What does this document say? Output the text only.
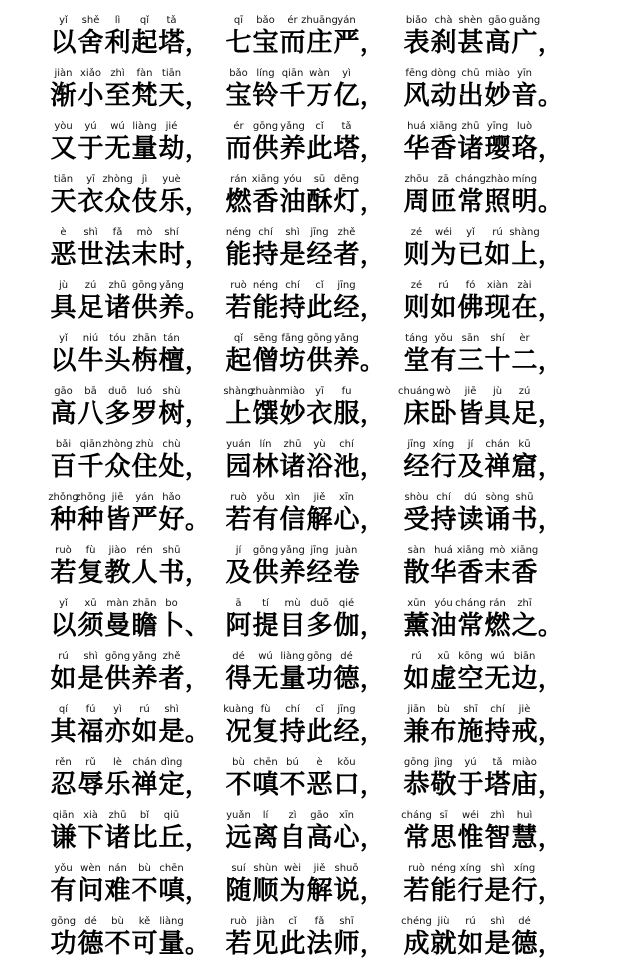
yǐ
以
shě
舍
lì
利
qǐ
起
tǎ
塔 ，
qī
七
bǎo
宝
ér
而
zhuāng
庄
yán
严 ，
biǎo
表
chà
刹
shèn
甚
gāo
高
guǎng
广 ，
jiàn
渐
xiǎo
小
zhì
至
fàn
梵
tiān
天 ，
bǎo
宝
líng
铃
qiān
千
wàn
万
yì
亿 ，
fēng
风
dòng
动
chū
出
miào
妙
yīn
音 。
yòu
又
yú
于
wú
无
liàng
量
jié
劫 ，
ér
而
gōng
供
yǎng
养
cǐ
此
tǎ
塔 ，
huá
华
xiāng
香
zhū
诸
yīng
璎
luò
珞 ，
tiān
天
yī
衣
zhòng
众
jì
伎
yuè
乐 ，
rán
燃
xiāng
香
yóu
油
sū
酥
dēng
灯 ，
zhōu
周
zā
匝
cháng
常
zhào
照
míng
明 。
è
恶
shì
世
fǎ
法
mò
末
shí
时 ，
néng
能
chí
持
shì
是
jīng
经
zhě
者 ，
zé
则
wéi
为
yǐ
已
rú
如
shàng
上 ，
jù
具
zú
足
zhū
诸
gōng
供
yǎng
养 。
ruò
若
néng
能
chí
持
cǐ
此
jīng
经 ，
zé
则
rú
如
fó
佛
xiàn
现
zài
在 ，
yǐ
以
niú
牛
tóu
头
zhān
栴
tán
檀 ，
qǐ
起
sēng
僧
fāng
坊
gōng
供
yǎng
养 。
táng
堂
yǒu
有
sān
三
shí
十
èr
二 ，
gāo
高
bā
八
duō
多
luó
罗
shù
树 ，
shàng
上
zhuàn
馔
miào
妙
yī
衣
fu
服 ，
chuáng
床
wò
卧
jiē
皆
jù
具
zú
足 ，
bǎi
百
qiān
千
zhòng
众
zhù
住
chù
处 ，
yuán
园
lín
林
zhū
诸
yù
浴
chí
池 ，
jīng
经
xíng
行
jí
及
chán
禅
kū
窟 ，
zhǒng
种
zhǒng
种
jiē
皆
yán
严
hǎo
好 。
ruò
若
yǒu
有
xìn
信
jiě
解
xīn
心 ，
shòu
受
chí
持
dú
读
sòng
诵
shū
书 ，
ruò
若
fù
复
jiào
教
rén
人
shū
书 ，
jí
及
gōng
供
yǎng
养
jīng
经
juàn
卷
sàn
散
huá
华
xiāng
香
mò
末
xiāng
香
yǐ
以
xū
须
màn
曼
zhān
瞻
bo
卜 、
ā
阿
tí
提
mù
目
duō
多
qié
伽 ，
xūn
薰
yóu
油
cháng
常
rán
燃
zhī
之 。
rú
如
shì
是
gōng
供
yǎng
养
zhě
者 ，
dé
得
wú
无
liàng
量
gōng
功
dé
德 ，
rú
如
xū
虚
kōng
空
wú
无
biān
边 ，
qí
其
fú
福
yì
亦
rú
如
shì
是 。
kuàng
况
fù
复
chí
持
cǐ
此
jīng
经 ，
jiān
兼
bù
布
shī
施
chí
持
jiè
戒 ，
rěn
忍
rǔ
辱
lè
乐
chán
禅
dìng
定 ，
bù
不
chēn
嗔
bú
不
è
恶
kǒu
口 ，
gōng
恭
jìng
敬
yú
于
tǎ
塔
miào
庙 ，
qiān
谦
xià
下
zhū
诸
bǐ
比
qiū
丘 ，
yuǎn
远
lí
离
zì
自
gāo
高
xīn
心 ，
cháng
常
sī
思
wéi
惟
zhì
智
huì
慧 ，
yǒu
有
wèn
问
nán
难
bù
不
chēn
嗔 ，
suí
随
shùn
顺
wèi
为
jiě
解
shuō
说 ，
ruò
若
néng
能
xíng
行
shì
是
xíng
行 ，
gōng
功
dé
德
bù
不
kě
可
liàng
量 。
ruò
若
jiàn
见
cǐ
此
fǎ
法
shī
师 ，
chéng
成
jiù
就
rú
如
shì
是
dé
德 ，
